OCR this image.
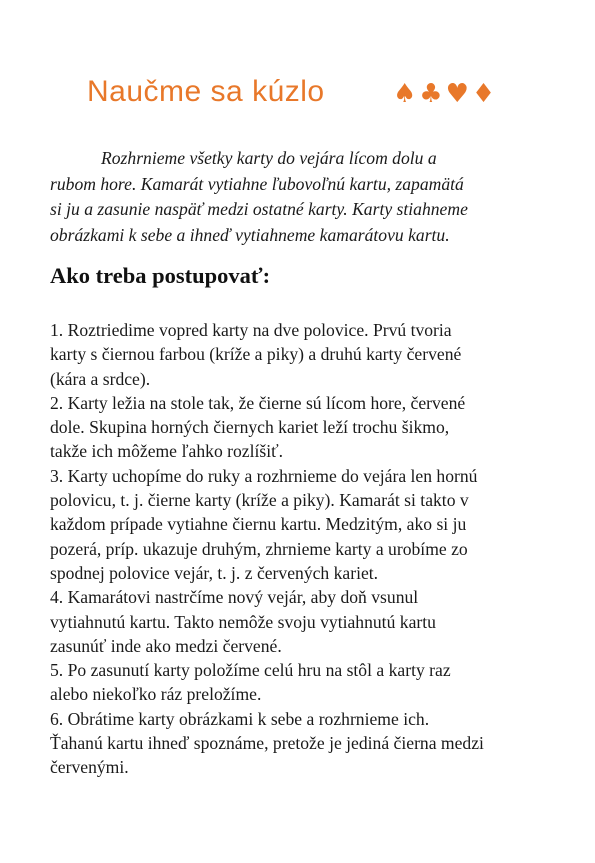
Naučme sa kúzlo	♠♣♥♦
Rozhrnieme všetky karty do vejára lícom dolu a
rubom hore. Kamarát vytiahne ľubovoľnú kartu, zapamätá
si ju a zasunie naspäť medzi ostatné karty. Karty stiahneme
obrázkami k sebe a ihneď vytiahneme kamarátovu kartu.
Ako treba postupovať:
1. Roztriedime vopred karty na dve polovice. Prvú tvoria
karty s čiernou farbou (kríže a piky) a druhú karty červené
(kára a srdce).
2. Karty ležia na stole tak, že čierne sú lícom hore, červené
dole. Skupina horných čiernych kariet leží trochu šikmo,
takže ich môžeme ľahko rozlíšiť.
3. Karty uchopíme do ruky a rozhrnieme do vejára len hornú
polovicu, t. j. čierne karty (kríže a piky). Kamarát si takto v
každom prípade vytiahne čiernu kartu. Medzitým, ako si ju
pozerá, príp. ukazuje druhým, zhrnieme karty a urobíme zo
spodnej polovice vejár, t. j. z červených kariet.
4. Kamarátovi nastrčíme nový vejár, aby doň vsunul
vytiahnutú kartu. Takto nemôže svoju vytiahnutú kartu
zasunúť inde ako medzi červené.
5. Po zasunutí karty položíme celú hru na stôl a karty raz
alebo niekoľko ráz preložíme.
6. Obrátime karty obrázkami k sebe a rozhrnieme ich.
Ťahanú kartu ihneď spoznáme, pretože je jediná čierna medzi
červenými.
